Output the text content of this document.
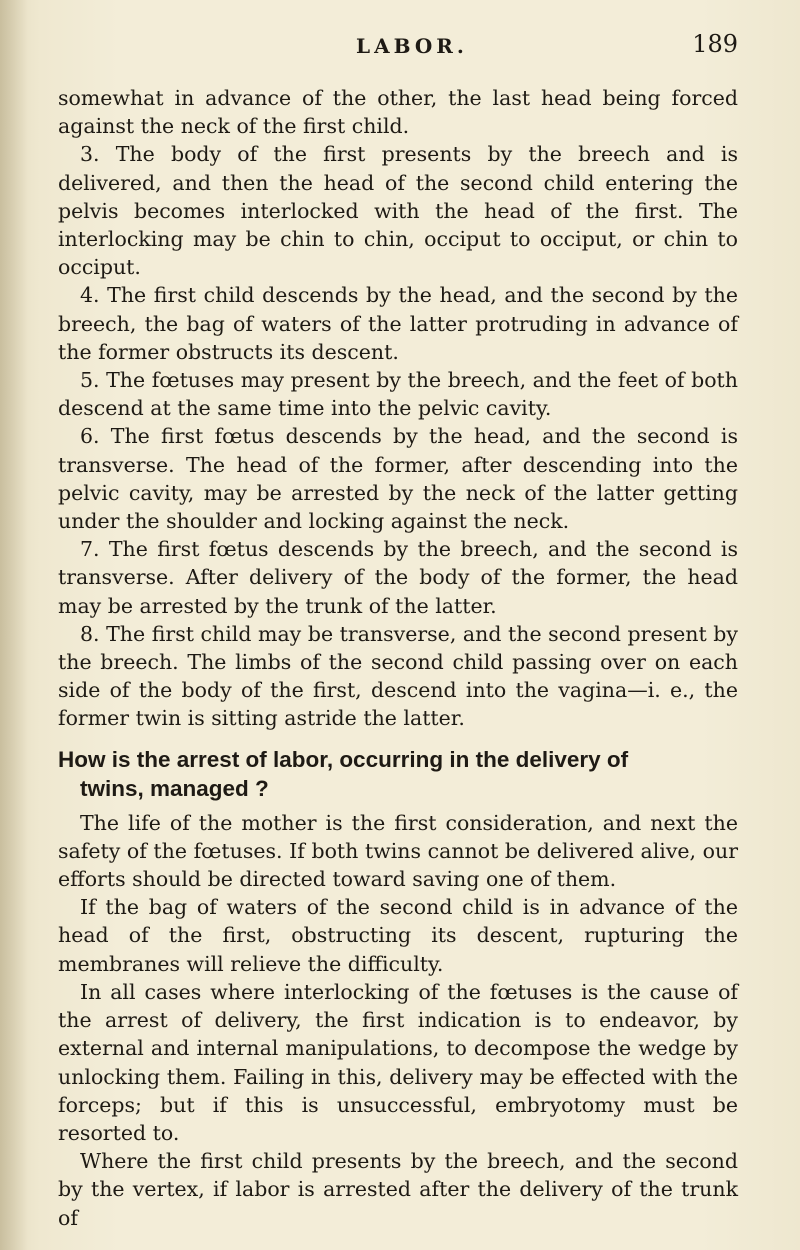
LABOR.	189

somewhat in advance of the other, the last head being forced against the neck of the first child.

3. The body of the first presents by the breech and is delivered, and then the head of the second child entering the pelvis becomes interlocked with the head of the first. The interlocking may be chin to chin, occiput to occiput, or chin to occiput.

4. The first child descends by the head, and the second by the breech, the bag of waters of the latter protruding in advance of the former obstructs its descent.

5. The fœtuses may present by the breech, and the feet of both descend at the same time into the pelvic cavity.

6. The first fœtus descends by the head, and the second is transverse. The head of the former, after descending into the pelvic cavity, may be arrested by the neck of the latter getting under the shoulder and locking against the neck.

7. The first fœtus descends by the breech, and the second is transverse. After delivery of the body of the former, the head may be arrested by the trunk of the latter.

8. The first child may be transverse, and the second present by the breech. The limbs of the second child passing over on each side of the body of the first, descend into the vagina—i. e., the former twin is sitting astride the latter.

How is the arrest of labor, occurring in the delivery of
twins, managed ?

The life of the mother is the first consideration, and next the safety of the fœtuses. If both twins cannot be delivered alive, our efforts should be directed toward saving one of them.

If the bag of waters of the second child is in advance of the head of the first, obstructing its descent, rupturing the membranes will relieve the difficulty.

In all cases where interlocking of the fœtuses is the cause of the arrest of delivery, the first indication is to endeavor, by external and internal manipulations, to decompose the wedge by unlocking them. Failing in this, delivery may be effected with the forceps; but if this is unsuccessful, embryotomy must be resorted to.

Where the first child presents by the breech, and the second by the vertex, if labor is arrested after the delivery of the trunk of
